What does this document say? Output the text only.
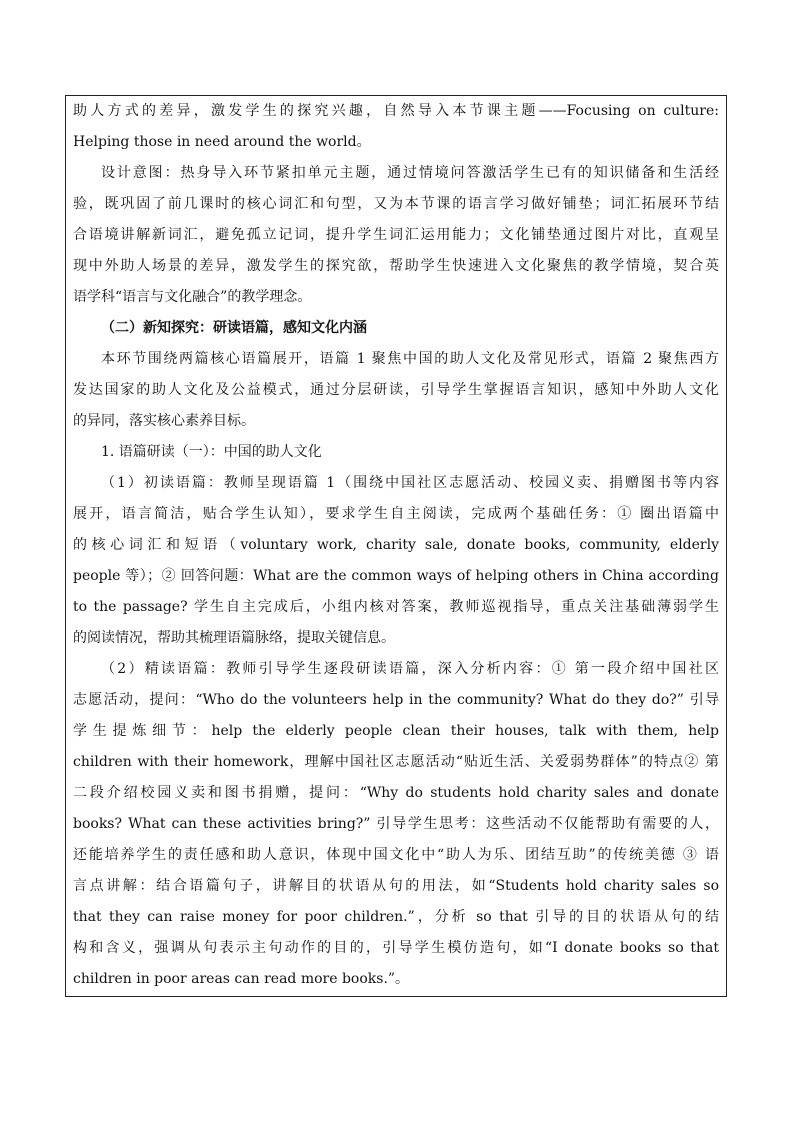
助人方式的差异，激发学生的探究兴趣，自然导入本节课主题——Focusing on culture:
Helping those in need around the world。
设计意图：热身导入环节紧扣单元主题，通过情境问答激活学生已有的知识储备和生活经
验，既巩固了前几课时的核心词汇和句型，又为本节课的语言学习做好铺垫；词汇拓展环节结
合语境讲解新词汇，避免孤立记词，提升学生词汇运用能力；文化铺垫通过图片对比，直观呈
现中外助人场景的差异，激发学生的探究欲，帮助学生快速进入文化聚焦的教学情境，契合英
语学科“语言与文化融合”的教学理念。
（二）新知探究：研读语篇，感知文化内涵
本环节围绕两篇核心语篇展开，语篇 1 聚焦中国的助人文化及常见形式，语篇 2 聚焦西方
发达国家的助人文化及公益模式，通过分层研读，引导学生掌握语言知识，感知中外助人文化
的异同，落实核心素养目标。
1. 语篇研读（一）：中国的助人文化
（1）初读语篇：教师呈现语篇 1（围绕中国社区志愿活动、校园义卖、捐赠图书等内容
展开，语言简洁，贴合学生认知），要求学生自主阅读，完成两个基础任务：① 圈出语篇中
的核心词汇和短语（voluntary work, charity sale, donate books, community, elderly
people 等）；② 回答问题：What are the common ways of helping others in China according
to the passage? 学生自主完成后，小组内核对答案，教师巡视指导，重点关注基础薄弱学生
的阅读情况，帮助其梳理语篇脉络，提取关键信息。
（2）精读语篇：教师引导学生逐段研读语篇，深入分析内容：① 第一段介绍中国社区
志愿活动，提问：“Who do the volunteers help in the community? What do they do?” 引导
学生提炼细节：help the elderly people clean their houses, talk with them, help
children with their homework，理解中国社区志愿活动“贴近生活、关爱弱势群体”的特点② 第
二段介绍校园义卖和图书捐赠，提问：“Why do students hold charity sales and donate
books? What can these activities bring?” 引导学生思考：这些活动不仅能帮助有需要的人，
还能培养学生的责任感和助人意识，体现中国文化中“助人为乐、团结互助”的传统美德 ③ 语
言点讲解：结合语篇句子，讲解目的状语从句的用法，如“Students hold charity sales so
that they can raise money for poor children.”，分析 so that 引导的目的状语从句的结
构和含义，强调从句表示主句动作的目的，引导学生模仿造句，如“I donate books so that
children in poor areas can read more books.”。
